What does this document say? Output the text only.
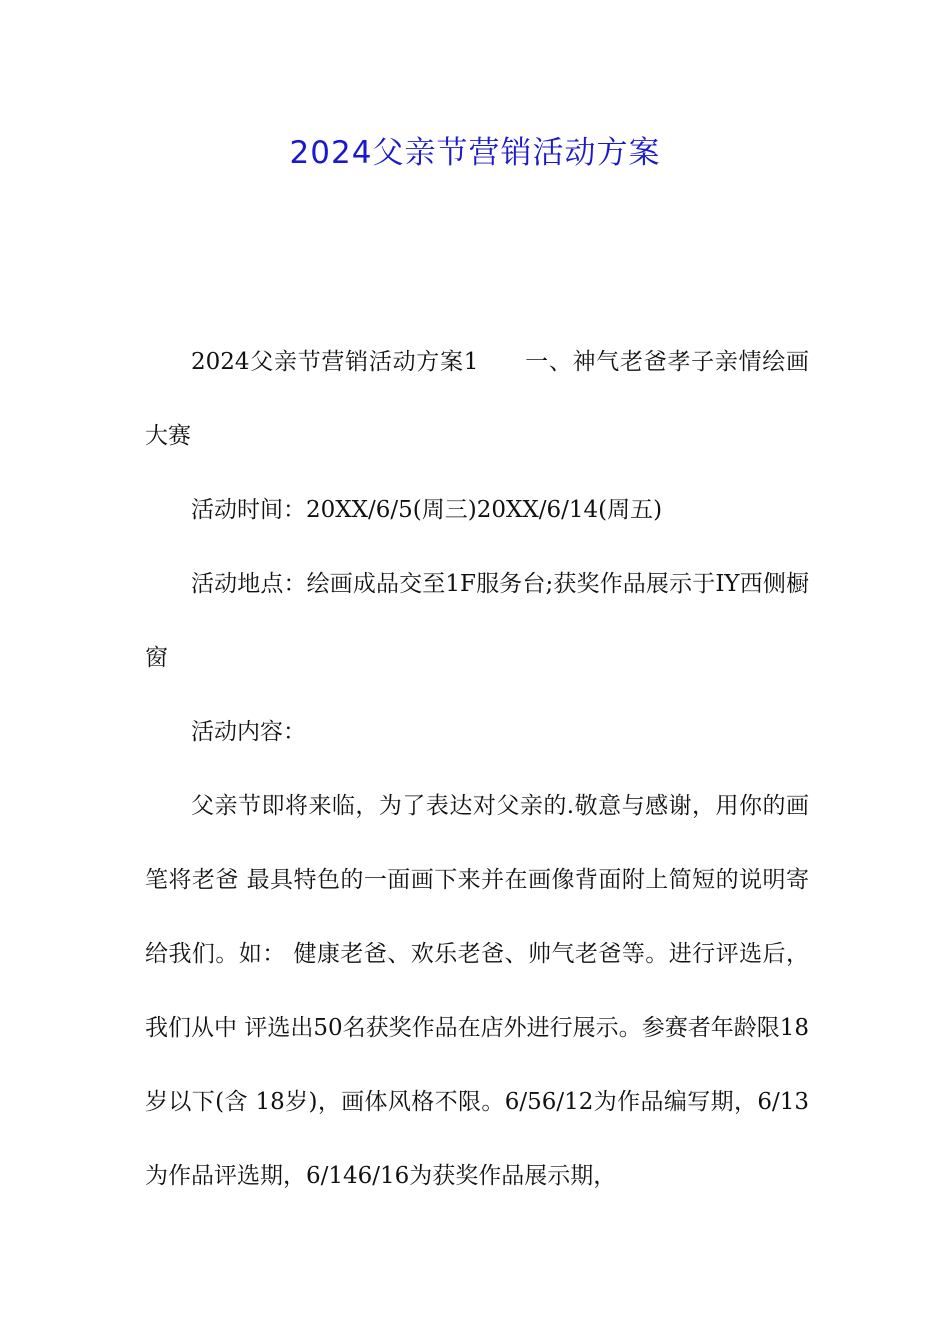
2024父亲节营销活动方案

2024父亲节营销活动方案1 一、神气老爸孝子亲情绘画大赛

活动时间：20XX/6/5(周三)20XX/6/14(周五)

活动地点：绘画成品交至1F服务台;获奖作品展示于IY西侧橱窗

活动内容：

父亲节即将来临，为了表达对父亲的.敬意与感谢，用你的画笔将老爸 最具特色的一面画下来并在画像背面附上简短的说明寄给我们。如： 健康老爸、欢乐老爸、帅气老爸等。进行评选后，我们从中 评选出50名获奖作品在店外进行展示。参赛者年龄限18岁以下(含 18岁)，画体风格不限。6/56/12为作品编写期，6/13为作品评选期，6/146/16为获奖作品展示期，
